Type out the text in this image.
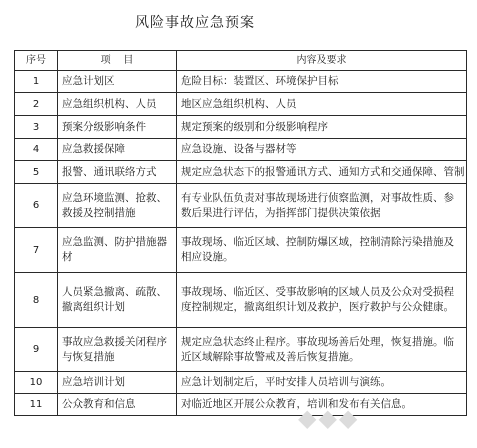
风险事故应急预案
序号	项    目	内容及要求
1	应急计划区	危险目标：装置区、环境保护目标
2	应急组织机构、人员	地区应急组织机构、人员
3	预案分级影响条件	规定预案的级别和分级影响程序
4	应急救援保障	应急设施、设备与器材等
5	报警、通讯联络方式	规定应急状态下的报警通讯方式、通知方式和交通保障、管制
6	应急环境监测、抢救、救援及控制措施	有专业队伍负责对事故现场进行侦察监测，对事故性质、参数后果进行评估，为指挥部门提供决策依据
7	应急监测、防护措施器材	事故现场、临近区域、控制防爆区域，控制清除污染措施及相应设施。
8	人员紧急撤离、疏散、撤离组织计划	事故现场、临近区、受事故影响的区域人员及公众对受损程度控制规定，撤离组织计划及救护，医疗救护与公众健康。
9	事故应急救援关闭程序与恢复措施	规定应急状态终止程序。事故现场善后处理，恢复措施。临近区域解除事故警戒及善后恢复措施。
10	应急培训计划	应急计划制定后，平时安排人员培训与演练。
11	公众教育和信息	对临近地区开展公众教育，培训和发布有关信息。
◆◆◆
